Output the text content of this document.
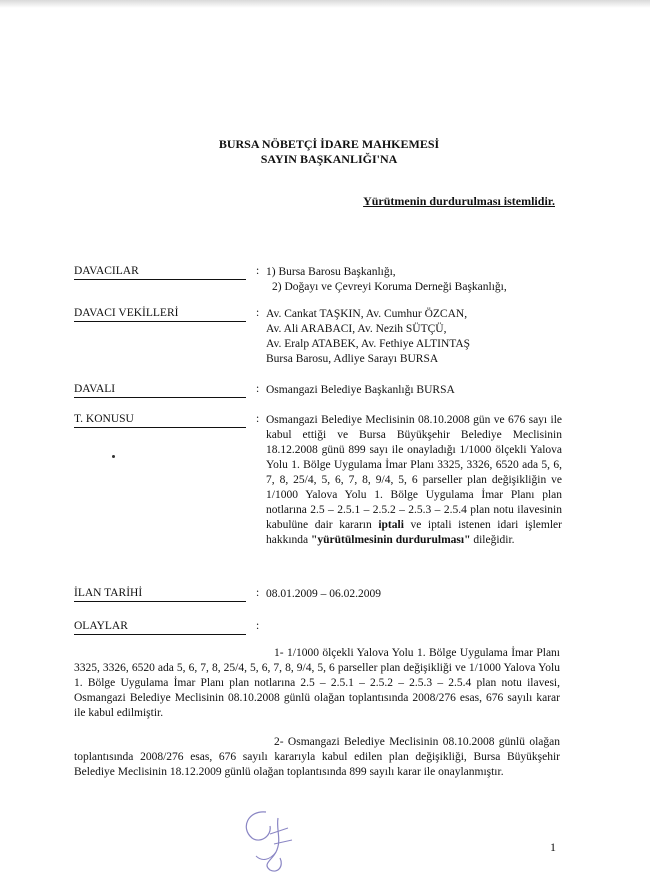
BURSA NÖBETÇİ İDARE MAHKEMESİ
SAYIN BAŞKANLIĞI'NA
Yürütmenin durdurulması istemlidir.
DAVACILAR	: 1) Bursa Barosu Başkanlığı,
2) Doğayı ve Çevreyi Koruma Derneği Başkanlığı,
DAVACI VEKİLLERİ	: Av. Cankat TAŞKIN, Av. Cumhur ÖZCAN,
Av. Ali ARABACI, Av. Nezih SÜTÇÜ,
Av. Eralp ATABEK, Av. Fethiye ALTINTAŞ
Bursa Barosu, Adliye Sarayı BURSA
DAVALI	: Osmangazi Belediye Başkanlığı BURSA
T. KONUSU	: Osmangazi Belediye Meclisinin 08.10.2008 gün ve 676 sayı ile kabul ettiği ve Bursa Büyükşehir Belediye Meclisinin 18.12.2008 günü 899 sayı ile onayladığı 1/1000 ölçekli Yalova Yolu 1. Bölge Uygulama İmar Planı 3325, 3326, 6520 ada 5, 6, 7, 8, 25/4, 5, 6, 7, 8, 9/4, 5, 6 parseller plan değişikliğin ve 1/1000 Yalova Yolu 1. Bölge Uygulama İmar Planı plan notlarına 2.5 – 2.5.1 – 2.5.2 – 2.5.3 – 2.5.4 plan notu ilavesinin kabulüne dair kararın iptali ve iptali istenen idari işlemler hakkında "yürütülmesinin durdurulması" dileğidir.
İLAN TARİHİ	: 08.01.2009 – 06.02.2009
OLAYLAR	:
1- 1/1000 ölçekli Yalova Yolu 1. Bölge Uygulama İmar Planı 3325, 3326, 6520 ada 5, 6, 7, 8, 25/4, 5, 6, 7, 8, 9/4, 5, 6 parseller plan değişikliği ve 1/1000 Yalova Yolu 1. Bölge Uygulama İmar Planı plan notlarına 2.5 – 2.5.1 – 2.5.2 – 2.5.3 – 2.5.4 plan notu ilavesi, Osmangazi Belediye Meclisinin 08.10.2008 günlü olağan toplantısında 2008/276 esas, 676 sayılı karar ile kabul edilmiştir.
2- Osmangazi Belediye Meclisinin 08.10.2008 günlü olağan toplantısında 2008/276 esas, 676 sayılı kararıyla kabul edilen plan değişikliği, Bursa Büyükşehir Belediye Meclisinin 18.12.2009 günlü olağan toplantısında 899 sayılı karar ile onaylanmıştır.
1
